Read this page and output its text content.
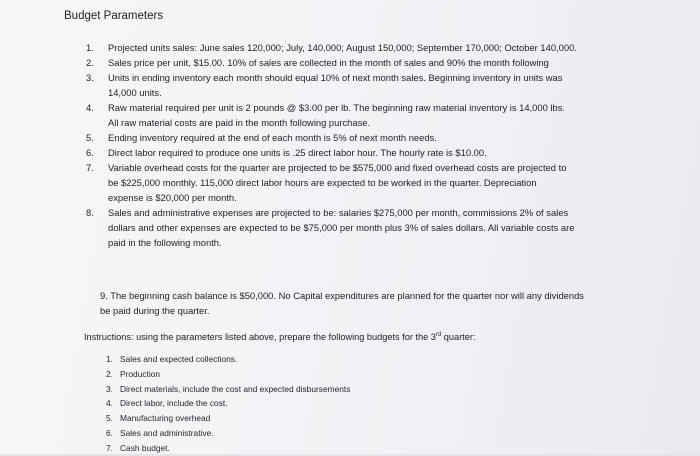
Budget Parameters
1. Projected units sales: June sales 120,000; July, 140,000; August 150,000; September 170,000; October 140,000.
2. Sales price per unit, $15.00. 10% of sales are collected in the month of sales and 90% the month following
3. Units in ending inventory each month should equal 10% of next month sales. Beginning inventory in units was
14,000 units.
4. Raw material required per unit is 2 pounds @ $3.00 per lb. The beginning raw material inventory is 14,000 lbs.
All raw material costs are paid in the month following purchase.
5. Ending inventory required at the end of each month is 5% of next month needs.
6. Direct labor required to produce one units is .25 direct labor hour. The hourly rate is $10.00.
7. Variable overhead costs for the quarter are projected to be $575,000 and fixed overhead costs are projected to
be $225,000 monthly. 115,000 direct labor hours are expected to be worked in the quarter. Depreciation
expense is $20,000 per month.
8. Sales and administrative expenses are projected to be: salaries $275,000 per month, commissions 2% of sales
dollars and other expenses are expected to be $75,000 per month plus 3% of sales dollars. All variable costs are
paid in the following month.
9. The beginning cash balance is $50,000. No Capital expenditures are planned for the quarter nor will any dividends
be paid during the quarter.
Instructions: using the parameters listed above, prepare the following budgets for the 3rd quarter:
1. Sales and expected collections.
2. Production
3. Direct materials, include the cost and expected disbursements
4. Direct labor, include the cost.
5. Manufacturing overhead
6. Sales and administrative.
7. Cash budget.
